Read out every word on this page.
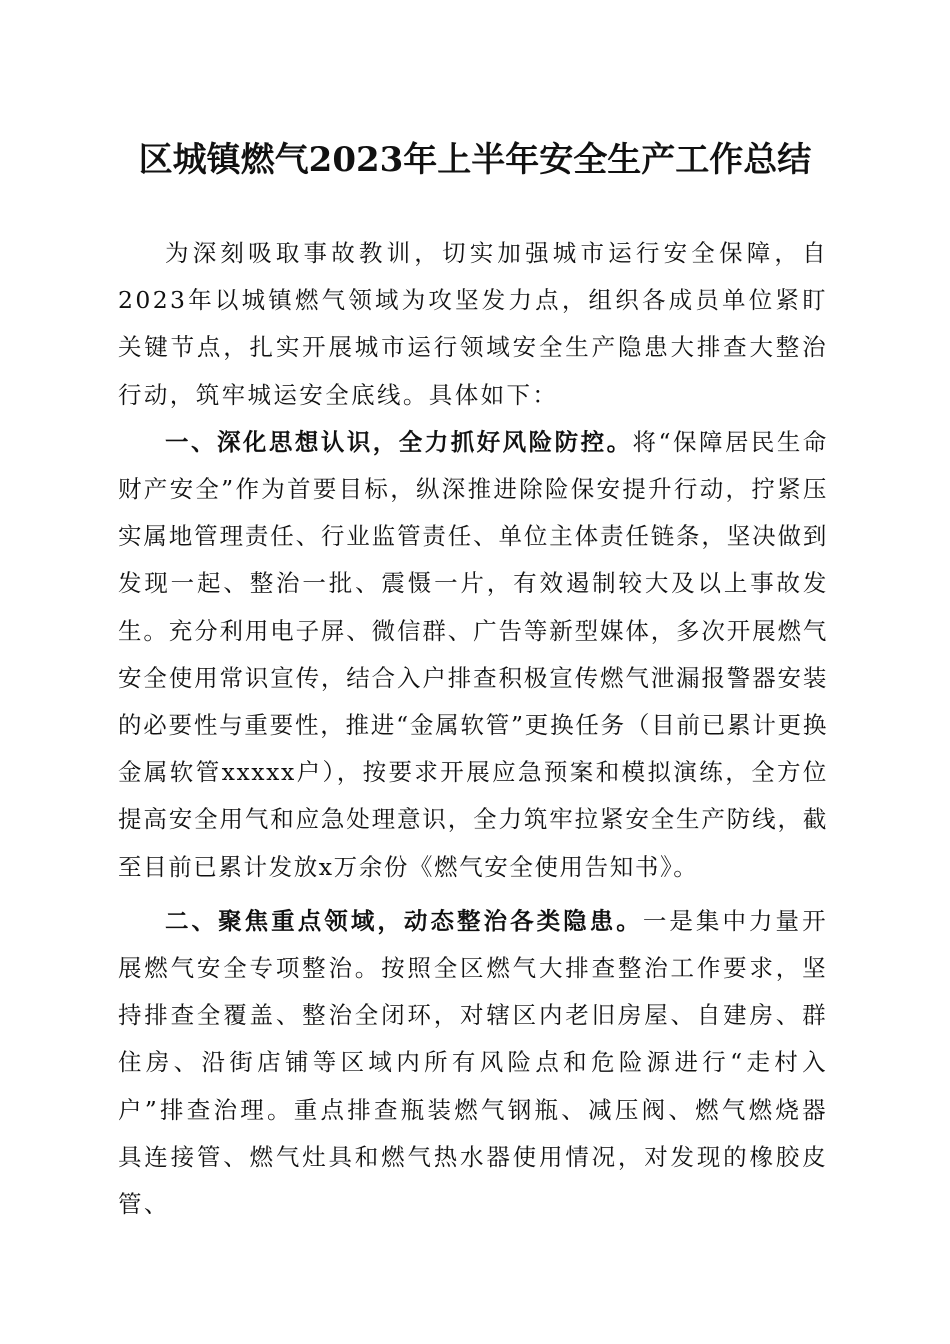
区城镇燃气2023年上半年安全生产工作总结

为深刻吸取事故教训，切实加强城市运行安全保障，自2023年以城镇燃气领域为攻坚发力点，组织各成员单位紧盯关键节点，扎实开展城市运行领域安全生产隐患大排查大整治行动，筑牢城运安全底线。具体如下：

一、深化思想认识，全力抓好风险防控。将“保障居民生命财产安全”作为首要目标，纵深推进除险保安提升行动，拧紧压实属地管理责任、行业监管责任、单位主体责任链条，坚决做到发现一起、整治一批、震慑一片，有效遏制较大及以上事故发生。充分利用电子屏、微信群、广告等新型媒体，多次开展燃气安全使用常识宣传，结合入户排查积极宣传燃气泄漏报警器安装的必要性与重要性，推进“金属软管”更换任务（目前已累计更换金属软管xxxxx户），按要求开展应急预案和模拟演练，全方位提高安全用气和应急处理意识，全力筑牢拉紧安全生产防线，截至目前已累计发放x万余份《燃气安全使用告知书》。

二、聚焦重点领域，动态整治各类隐患。一是集中力量开展燃气安全专项整治。按照全区燃气大排查整治工作要求，坚持排查全覆盖、整治全闭环，对辖区内老旧房屋、自建房、群住房、沿街店铺等区域内所有风险点和危险源进行“走村入户”排查治理。重点排查瓶装燃气钢瓶、减压阀、燃气燃烧器具连接管、燃气灶具和燃气热水器使用情况，对发现的橡胶皮管、
